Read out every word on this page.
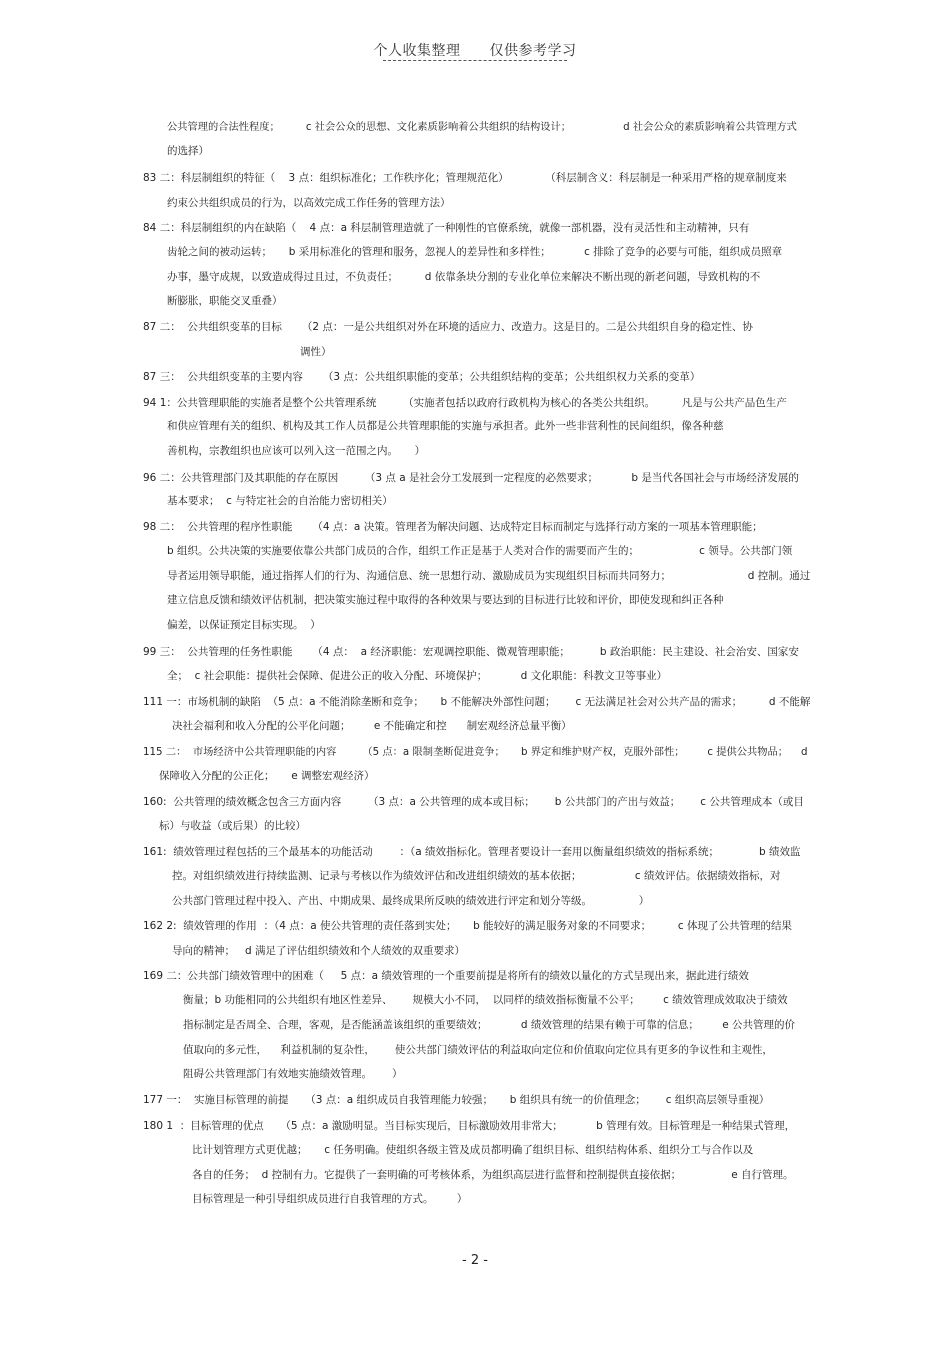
个人收集整理 仅供参考学习
公共管理的合法性程度；        c 社会公众的思想、文化素质影响着公共组织的结构设计；                d 社会公众的素质影响着公共管理方式
的选择）
83 二：科层制组织的特征（    3 点：组织标准化；工作秩序化；管理规范化）           （科层制含义：科层制是一种采用严格的规章制度来
约束公共组织成员的行为，以高效完成工作任务的管理方法）
84 二：科层制组织的内在缺陷（    4 点：a 科层制管理造就了一种刚性的官僚系统，就像一部机器，没有灵活性和主动精神，只有
齿轮之间的被动运转；     b 采用标准化的管理和服务，忽视人的差异性和多样性；          c 排除了竞争的必要与可能，组织成员照章
办事，墨守成规，以致造成得过且过，不负责任；        d 依靠条块分割的专业化单位来解决不断出现的新老问题，导致机构的不
断膨胀，职能交叉重叠）
87 二：  公共组织变革的目标      （2 点：一是公共组织对外在环境的适应力、改造力。这是目的。二是公共组织自身的稳定性、协
调性）
87 三：  公共组织变革的主要内容      （3 点：公共组织职能的变革；公共组织结构的变革；公共组织权力关系的变革）
94 1：公共管理职能的实施者是整个公共管理系统        （实施者包括以政府行政机构为核心的各类公共组织。        凡是与公共产品色生产
和供应管理有关的组织、机构及其工作人员都是公共管理职能的实施与承担者。此外一些非营利性的民间组织，像各种慈
善机构，宗教组织也应该可以列入这一范围之内。     ）
96 二：公共管理部门及其职能的存在原因        （3 点 a 是社会分工发展到一定程度的必然要求；          b 是当代各国社会与市场经济发展的
基本要求；  c 与特定社会的自治能力密切相关）
98 二：  公共管理的程序性职能      （4 点：a 决策。管理者为解决问题、达成特定目标而制定与选择行动方案的一项基本管理职能；
b 组织。公共决策的实施要依靠公共部门成员的合作，组织工作正是基于人类对合作的需要而产生的；                  c 领导。公共部门领
导者运用领导职能，通过指挥人们的行为、沟通信息、统一思想行动、激励成员为实现组织目标而共同努力；                       d 控制。通过
建立信息反馈和绩效评估机制，把决策实施过程中取得的各种效果与要达到的目标进行比较和评价，即使发现和纠正各种
偏差，以保证预定目标实现。  ）
99 三：  公共管理的任务性职能      （4 点：  a 经济职能：宏观调控职能、微观管理职能；         b 政治职能：民主建设、社会治安、国家安
全；  c 社会职能：提供社会保障、促进公正的收入分配、环境保护；          d 文化职能：科教文卫等事业）
111 一：市场机制的缺陷  （5 点：a 不能消除垄断和竞争；     b 不能解决外部性问题；      c 无法满足社会对公共产品的需求；        d 不能解
决社会福利和收入分配的公平化问题；       e 不能确定和控      制宏观经济总量平衡）
115 二：  市场经济中公共管理职能的内容        （5 点：a 限制垄断促进竞争；     b 界定和维护财产权，克服外部性；       c 提供公共物品；    d
保障收入分配的公正化；     e 调整宏观经济）
160:  公共管理的绩效概念包含三方面内容        （3 点：a 公共管理的成本或目标；      b 公共部门的产出与效益；      c 公共管理成本（或目
标）与收益（或后果）的比较）
161:  绩效管理过程包括的三个最基本的功能活动        ：（a 绩效指标化。管理者要设计一套用以衡量组织绩效的指标系统；            b 绩效监
控。对组织绩效进行持续监测、记录与考核以作为绩效评估和改进组织绩效的基本依据；                c 绩效评估。依据绩效指标，对
公共部门管理过程中投入、产出、中期成果、最终成果所反映的绩效进行评定和划分等级。              ）
162 2:  绩效管理的作用  ：（4 点：a 使公共管理的责任落到实处；     b 能较好的满足服务对象的不同要求；        c 体现了公共管理的结果
导向的精神；   d 满足了评估组织绩效和个人绩效的双重要求）
169 二：公共部门绩效管理中的困难（     5 点：a 绩效管理的一个重要前提是将所有的绩效以量化的方式呈现出来，据此进行绩效
衡量；b 功能相同的公共组织有地区性差异、      规模大小不同，  以同样的绩效指标衡量不公平；       c 绩效管理成效取决于绩效
指标制定是否周全、合理，客观，是否能涵盖该组织的重要绩效；          d 绩效管理的结果有赖于可靠的信息；       e 公共管理的价
值取向的多元性，    利益机制的复杂性，      使公共部门绩效评估的利益取向定位和价值取向定位具有更多的争议性和主观性，
阻碍公共管理部门有效地实施绩效管理。      ）
177 一：  实施目标管理的前提     （3 点：a 组织成员自我管理能力较强；     b 组织具有统一的价值理念；      c 组织高层领导重视）
180 1  ：目标管理的优点     （5 点：a 激励明显。当目标实现后，目标激励效用非常大；          b 管理有效。目标管理是一种结果式管理，
比计划管理方式更优越；     c 任务明确。使组织各级主管及成员都明确了组织目标、组织结构体系、组织分工与合作以及
各自的任务；  d 控制有力。它提供了一套明确的可考核体系，为组织高层进行监督和控制提供直接依据；               e 自行管理。
目标管理是一种引导组织成员进行自我管理的方式。       ）
- 2 -
